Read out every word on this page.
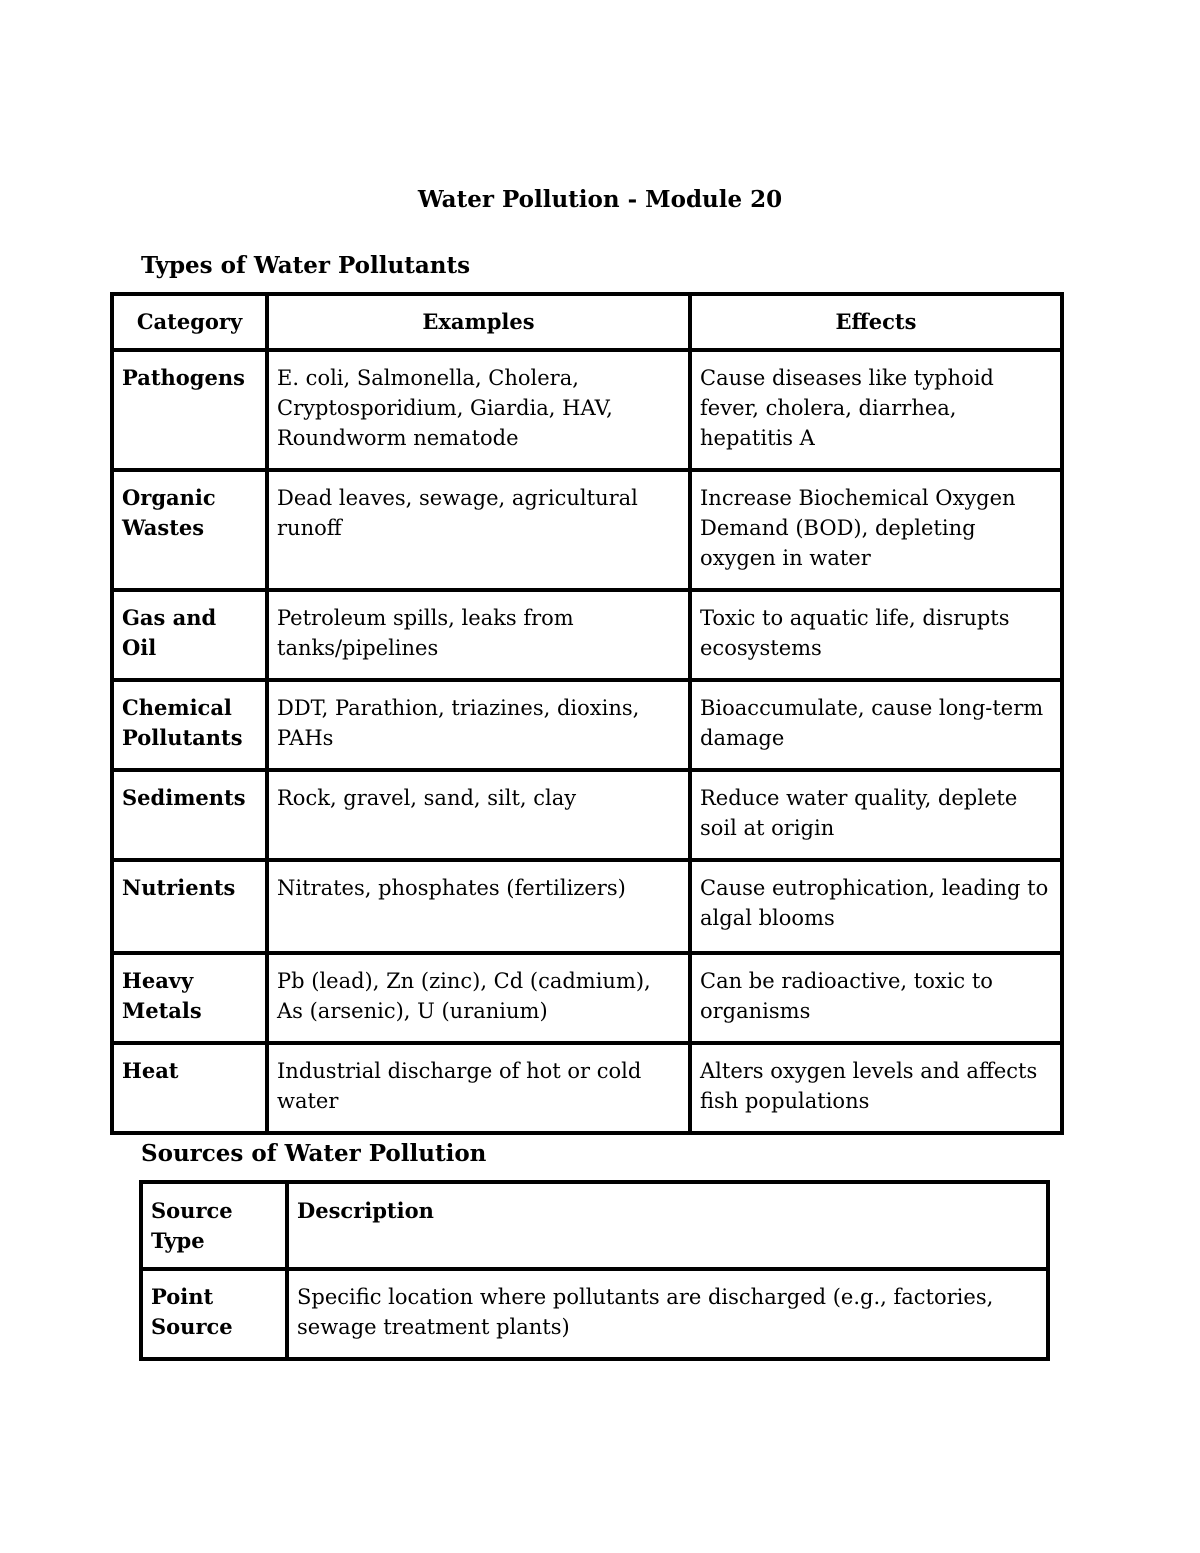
Water Pollution - Module 20
Types of Water Pollutants
Category	Examples	Effects
Pathogens	E. coli, Salmonella, Cholera, Cryptosporidium, Giardia, HAV, Roundworm nematode	Cause diseases like typhoid fever, cholera, diarrhea, hepatitis A
Organic Wastes	Dead leaves, sewage, agricultural runoff	Increase Biochemical Oxygen Demand (BOD), depleting oxygen in water
Gas and Oil	Petroleum spills, leaks from tanks/pipelines	Toxic to aquatic life, disrupts ecosystems
Chemical Pollutants	DDT, Parathion, triazines, dioxins, PAHs	Bioaccumulate, cause long-term damage
Sediments	Rock, gravel, sand, silt, clay	Reduce water quality, deplete soil at origin
Nutrients	Nitrates, phosphates (fertilizers)	Cause eutrophication, leading to algal blooms
Heavy Metals	Pb (lead), Zn (zinc), Cd (cadmium), As (arsenic), U (uranium)	Can be radioactive, toxic to organisms
Heat	Industrial discharge of hot or cold water	Alters oxygen levels and affects fish populations
Sources of Water Pollution
Source Type	Description
Point Source	Specific location where pollutants are discharged (e.g., factories, sewage treatment plants)
